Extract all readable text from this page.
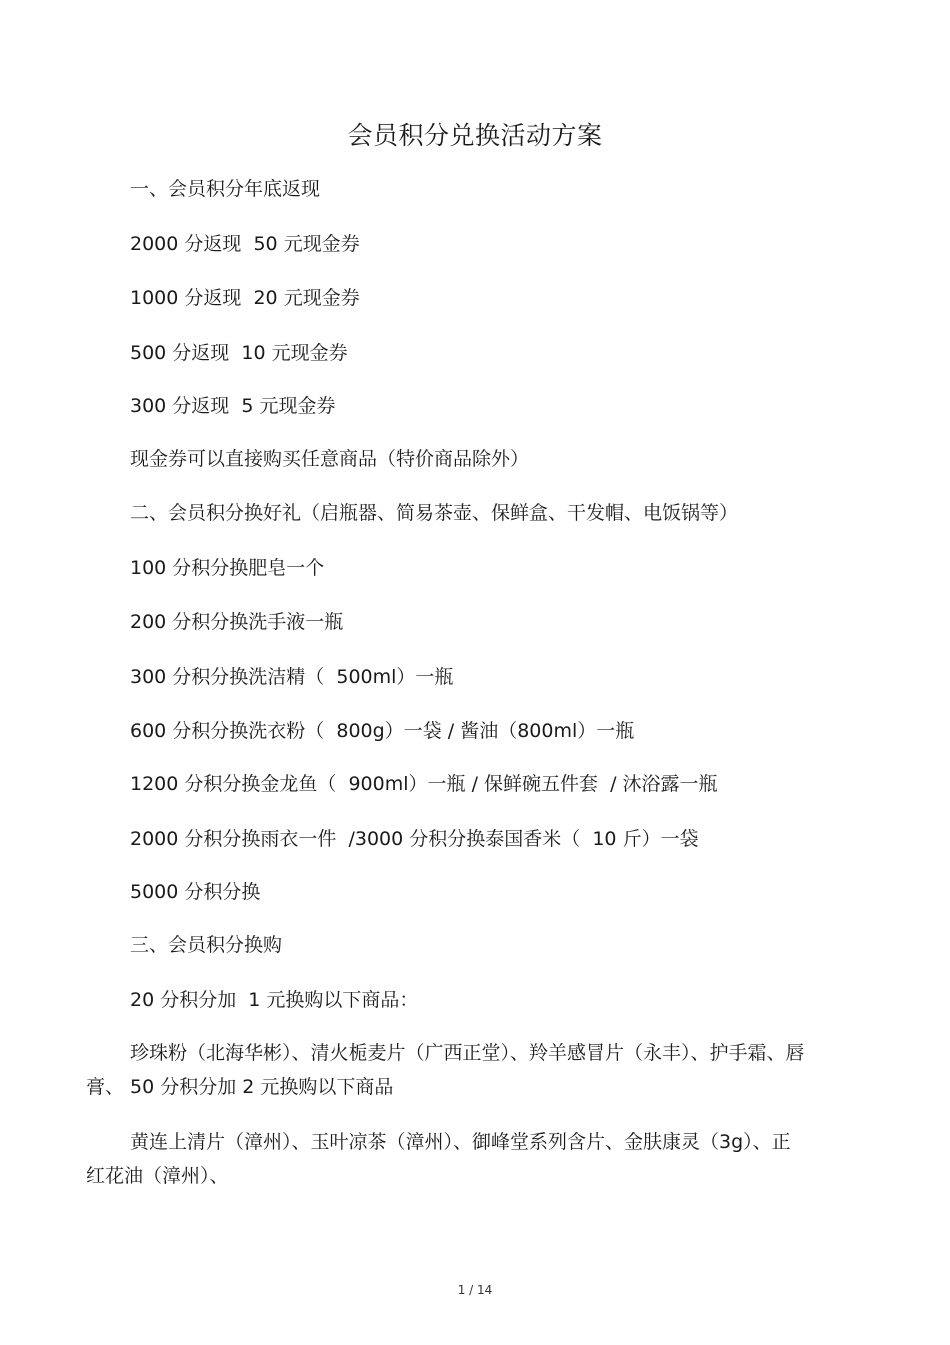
会员积分兑换活动方案
一、会员积分年底返现
2000 分返现  50 元现金券
1000 分返现  20 元现金券
500 分返现  10 元现金券
300 分返现  5 元现金券
现金券可以直接购买任意商品（特价商品除外）
二、会员积分换好礼（启瓶器、简易茶壶、保鲜盒、干发帽、电饭锅等）
100 分积分换肥皂一个
200 分积分换洗手液一瓶
300 分积分换洗洁精（  500ml）一瓶
600 分积分换洗衣粉（  800g）一袋 / 酱油（800ml）一瓶
1200 分积分换金龙鱼（  900ml）一瓶 / 保鲜碗五件套  / 沐浴露一瓶
2000 分积分换雨衣一件  /3000 分积分换泰国香米（  10 斤）一袋
5000 分积分换
三、会员积分换购
20 分积分加  1 元换购以下商品：
珍珠粉（北海华彬）、清火栀麦片（广西正堂）、羚羊感冒片（永丰）、护手霜、唇膏、 50 分积分加 2 元换购以下商品
黄连上清片（漳州）、玉叶凉茶（漳州）、御峰堂系列含片、金肤康灵（3g）、正红花油（漳州）、
1 / 14
